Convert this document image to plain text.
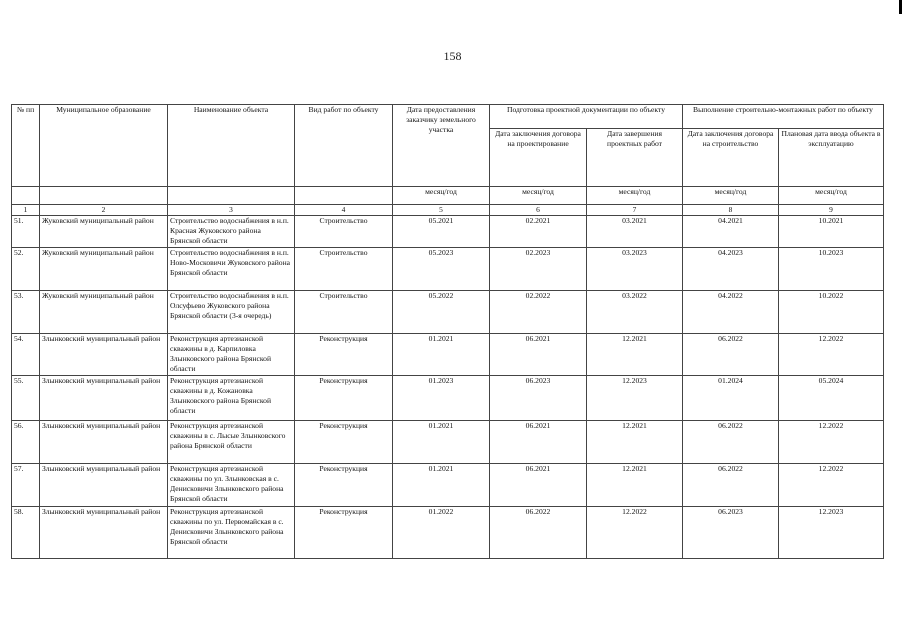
158
№ пп	Муниципальное образование	Наименование объекта	Вид работ по объекту	Дата предоставления заказчику земельного участка	Подготовка проектной документации по объекту		Выполнение строительно-монтажных работ по объекту	
					Дата заключения договора на проектирование	Дата завершения проектных работ	Дата заключения договора на строительство	Плановая дата ввода объекта в эксплуатацию
				месяц/год	месяц/год	месяц/год	месяц/год	месяц/год
1	2	3	4	5	6	7	8	9
51.	Жуковский муниципальный район	Строительство водоснабжения в н.п. Красная Жуковского района Брянской области	Строительство	05.2021	02.2021	03.2021	04.2021	10.2021
52.	Жуковский муниципальный район	Строительство водоснабжения в н.п. Ново-Московичи Жуковского района Брянской области	Строительство	05.2023	02.2023	03.2023	04.2023	10.2023
53.	Жуковский муниципальный район	Строительство водоснабжения в н.п. Олсуфьево Жуковского района Брянской области (3-я очередь)	Строительство	05.2022	02.2022	03.2022	04.2022	10.2022
54.	Злынковский муниципальный район	Реконструкция артезианской скважины в д. Карпиловка Злынковского района Брянской области	Реконструкция	01.2021	06.2021	12.2021	06.2022	12.2022
55.	Злынковский муниципальный район	Реконструкция артезианской скважины в д. Кожановка Злынковского района Брянской области	Реконструкция	01.2023	06.2023	12.2023	01.2024	05.2024
56.	Злынковский муниципальный район	Реконструкция артезианской скважины в с. Лысые Злынковского района Брянской области	Реконструкция	01.2021	06.2021	12.2021	06.2022	12.2022
57.	Злынковский муниципальный район	Реконструкция артезианской скважины по ул. Злынковская в с. Денисковичи Злынковского района Брянской области	Реконструкция	01.2021	06.2021	12.2021	06.2022	12.2022
58.	Злынковский муниципальный район	Реконструкция артезианской скважины по ул. Первомайская в с. Денисковичи Злынковского района Брянской области	Реконструкция	01.2022	06.2022	12.2022	06.2023	12.2023
